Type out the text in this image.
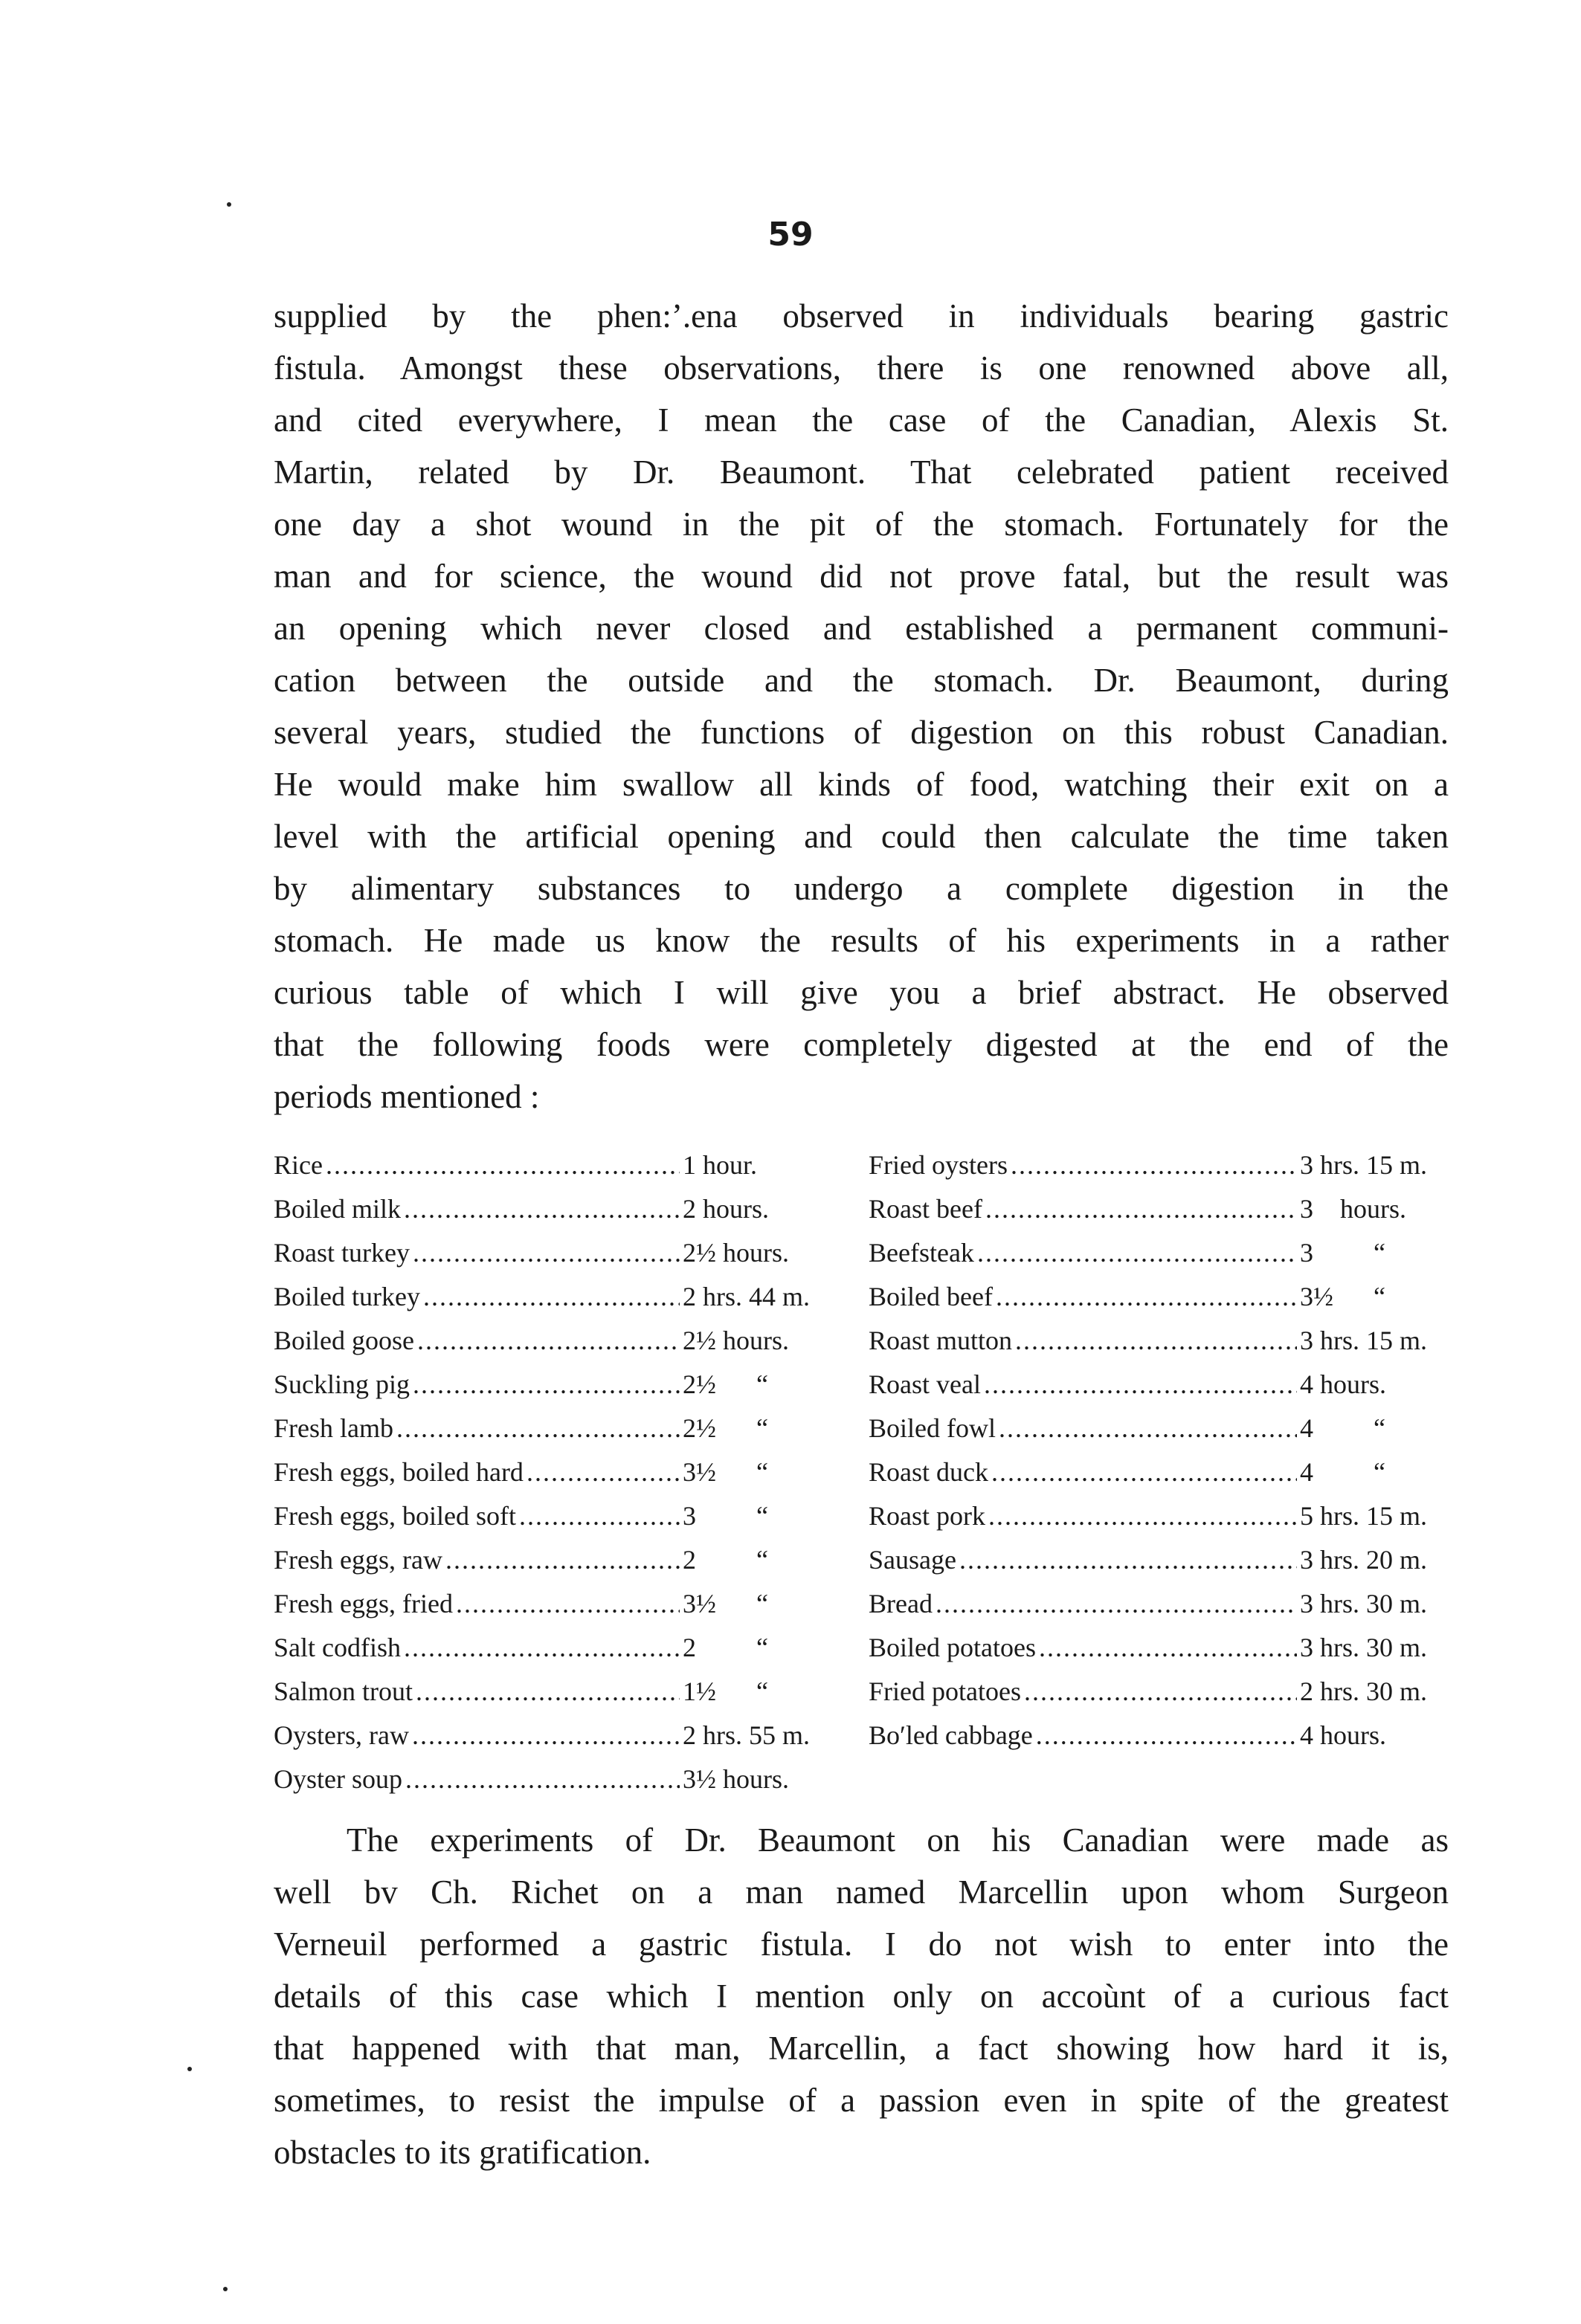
59
supplied by the phen:ʼ.ena observed in individuals bearing gastric
fistula. Amongst these observations, there is one renowned above all,
and cited everywhere, I mean the case of the Canadian, Alexis St.
Martin, related by Dr. Beaumont. That celebrated patient received
one day a shot wound in the pit of the stomach. Fortunately for the
man and for science, the wound did not prove fatal, but the result was
an opening which never closed and established a permanent communi-
cation between the outside and the stomach. Dr. Beaumont, during
several years, studied the functions of digestion on this robust Canadian.
He would make him swallow all kinds of food, watching their exit on a
level with the artificial opening and could then calculate the time taken
by alimentary substances to undergo a complete digestion in the
stomach. He made us know the results of his experiments in a rather
curious table of which I will give you a brief abstract. He observed
that the following foods were completely digested at the end of the
periods mentioned :
Rice .....	1 hour.
Boiled milk .....	2 hours.
Roast turkey .....	2½ hours.
Boiled turkey .....	2 hrs. 44 m.
Boiled goose .....	2½ hours.
Suckling pig .....	2½      “
Fresh lamb .....	2½      “
Fresh eggs, boiled hard .....	3½      “
Fresh eggs, boiled soft .....	3         “
Fresh eggs, raw .....	2         “
Fresh eggs, fried .....	3½      “
Salt codfish .....	2         “
Salmon trout .....	1½      “
Oysters, raw .....	2 hrs. 55 m.
Oyster soup .....	3½ hours.
Fried oysters .....	3 hrs. 15 m.
Roast beef .....	3    hours.
Beefsteak .....	3         “
Boiled beef .....	3½      “
Roast mutton .....	3 hrs. 15 m.
Roast veal .....	4 hours.
Boiled fowl .....	4         “
Roast duck .....	4         “
Roast pork .....	5 hrs. 15 m.
Sausage .....	3 hrs. 20 m.
Bread .....	3 hrs. 30 m.
Boiled potatoes .....	3 hrs. 30 m.
Fried potatoes .....	2 hrs. 30 m.
Boʹled cabbage .....	4 hours.
The experiments of Dr. Beaumont on his Canadian were made as
well bv Ch. Richet on a man named Marcellin upon whom Surgeon
Verneuil performed a gastric fistula. I do not wish to enter into the
details of this case which I mention only on accoùnt of a curious fact
that happened with that man, Marcellin, a fact showing how hard it is,
sometimes, to resist the impulse of a passion even in spite of the greatest
obstacles to its gratification.
